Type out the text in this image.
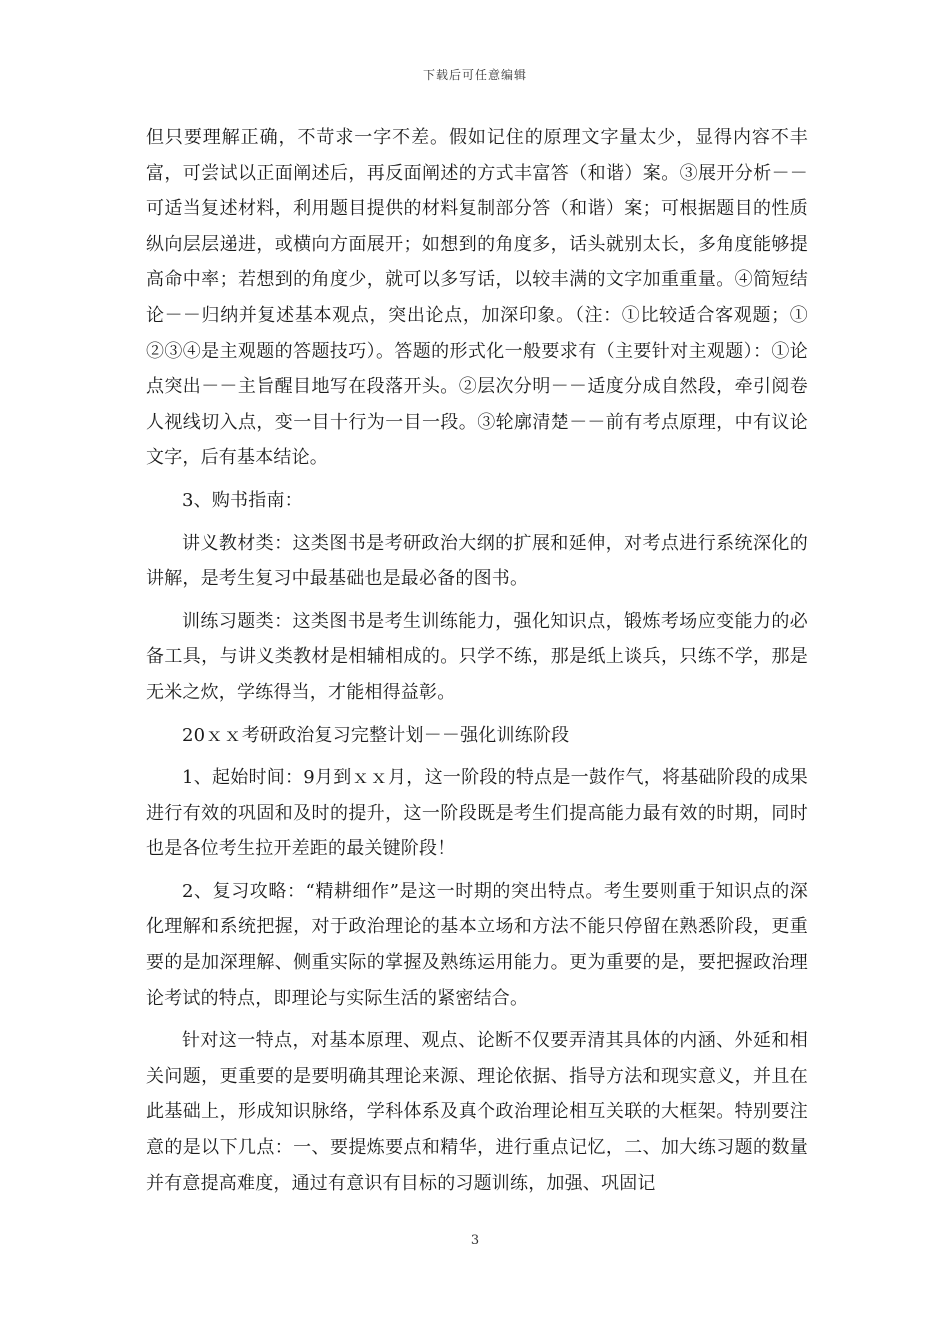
下载后可任意编辑

但只要理解正确，不苛求一字不差。假如记住的原理文字量太少，显得内容不丰富，可尝试以正面阐述后，再反面阐述的方式丰富答（和谐）案。③展开分析－－可适当复述材料，利用题目提供的材料复制部分答（和谐）案；可根据题目的性质纵向层层递进，或横向方面展开；如想到的角度多，话头就别太长，多角度能够提高命中率；若想到的角度少，就可以多写话，以较丰满的文字加重重量。④简短结论－－归纳并复述基本观点，突出论点，加深印象。（注：①比较适合客观题；①②③④是主观题的答题技巧）。答题的形式化一般要求有（主要针对主观题）：①论点突出－－主旨醒目地写在段落开头。②层次分明－－适度分成自然段，牵引阅卷人视线切入点，变一目十行为一目一段。③轮廓清楚－－前有考点原理，中有议论文字，后有基本结论。

3、购书指南：

讲义教材类：这类图书是考研政治大纲的扩展和延伸，对考点进行系统深化的讲解，是考生复习中最基础也是最必备的图书。

训练习题类：这类图书是考生训练能力，强化知识点，锻炼考场应变能力的必备工具，与讲义类教材是相辅相成的。只学不练，那是纸上谈兵，只练不学，那是无米之炊，学练得当，才能相得益彰。

20ｘｘ考研政治复习完整计划－－强化训练阶段

1、起始时间：9月到ｘｘ月，这一阶段的特点是一鼓作气，将基础阶段的成果进行有效的巩固和及时的提升，这一阶段既是考生们提高能力最有效的时期，同时也是各位考生拉开差距的最关键阶段！

2、复习攻略：“精耕细作”是这一时期的突出特点。考生要则重于知识点的深化理解和系统把握，对于政治理论的基本立场和方法不能只停留在熟悉阶段，更重要的是加深理解、侧重实际的掌握及熟练运用能力。更为重要的是，要把握政治理论考试的特点，即理论与实际生活的紧密结合。

针对这一特点，对基本原理、观点、论断不仅要弄清其具体的内涵、外延和相关问题，更重要的是要明确其理论来源、理论依据、指导方法和现实意义，并且在此基础上，形成知识脉络，学科体系及真个政治理论相互关联的大框架。特别要注意的是以下几点：一、要提炼要点和精华，进行重点记忆，二、加大练习题的数量并有意提高难度，通过有意识有目标的习题训练，加强、巩固记

3
